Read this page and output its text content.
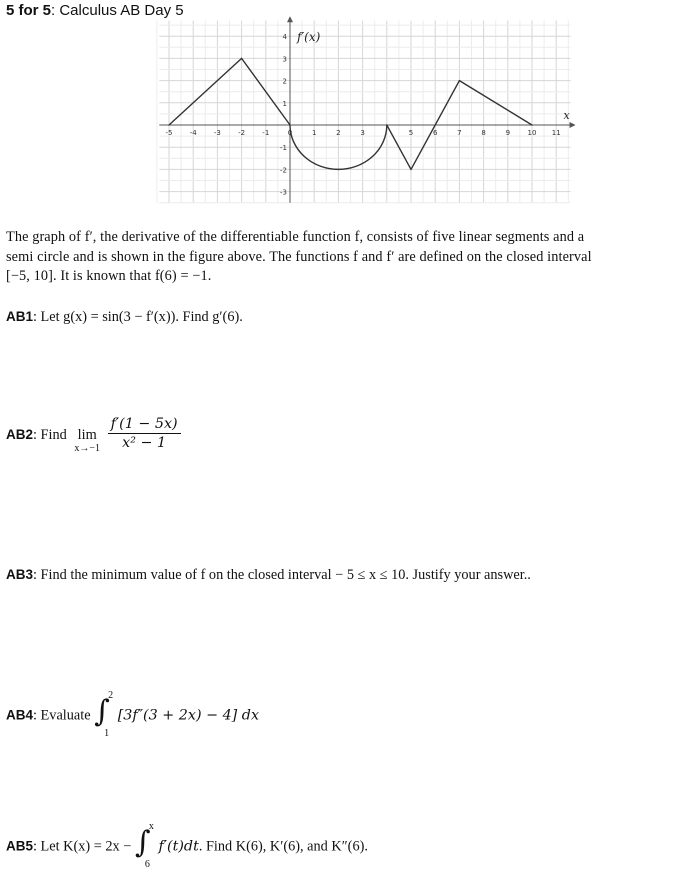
5 for 5: Calculus AB Day 5
f′(x)
x
-5 -4 -3 -2 -1	0	1	2	3	5	6	7	8	9	10 11
4
3
2
1
-1
-2
-3
The graph of f′, the derivative of the differentiable function f, consists of five linear segments and a
semi circle and is shown in the figure above. The functions f and f′ are defined on the closed interval
[−5, 10]. It is known that f(6) = −1.
AB1: Let g(x) = sin(3 − f′(x)). Find g′(6).
AB2: Find lim
x→−1
$\frac{f'(1 - 5x)}{\text{x² − 1}}$
AB3: Find the minimum value of f on the closed interval − 5 ≤ x ≤ 10. Justify your answer..
AB4: Evaluate ∫
2
1
[3f″(3 + 2x) − 4] dx
AB5: Let K(x) = 2x − ∫
x
6
f′(t)dt. Find K(6), K′(6), and K″(6).
